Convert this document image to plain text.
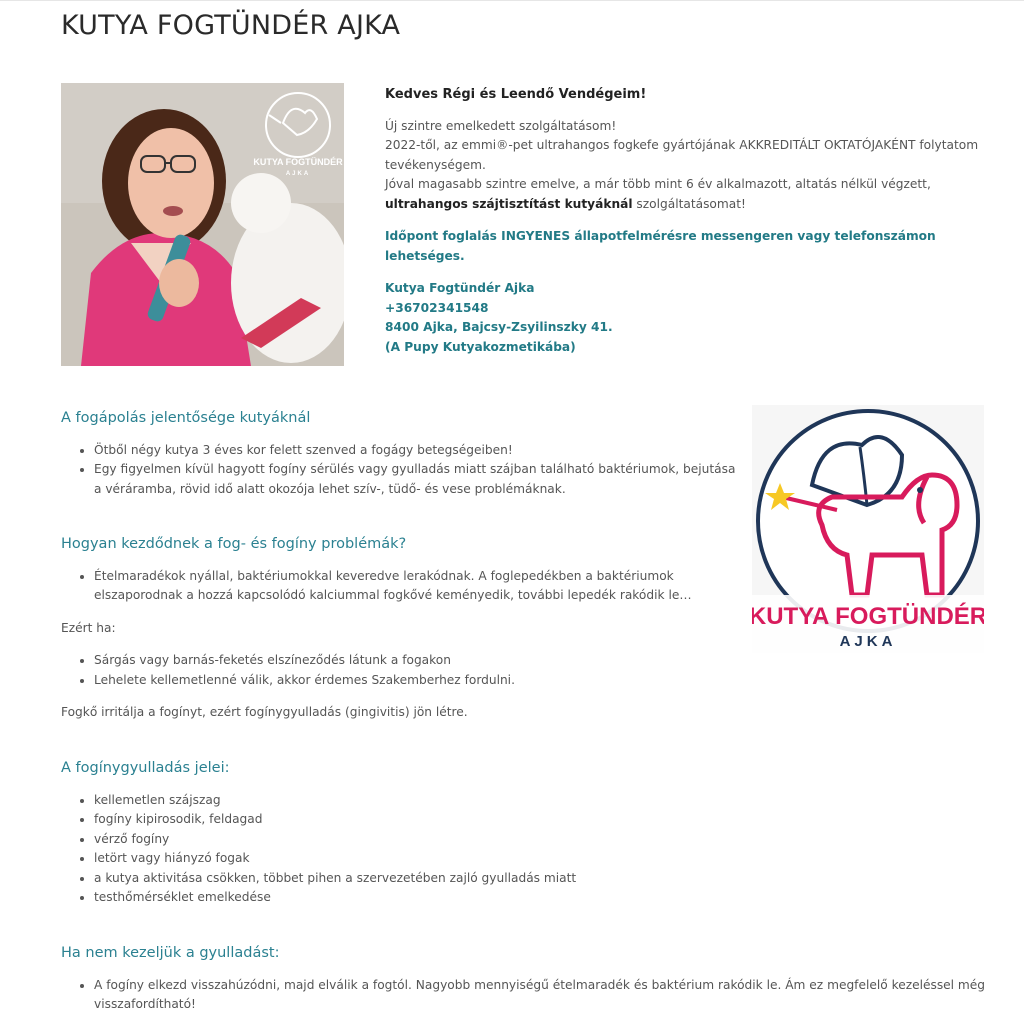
KUTYA FOGTÜNDÉR AJKA
KUTYA FOGTÜNDÉR
AJKA

Kedves Régi és Leendő Vendégeim!

Új szintre emelkedett szolgáltatásom!

2022-től, az emmi®-pet ultrahangos fogkefe gyártójának AKKREDITÁLT OKTATÓJAKÉNT folytatom tevékenységem.

Jóval magasabb szintre emelve, a már több mint 6 év alkalmazott, altatás nélkül végzett,

ultrahangos szájtisztítást kutyáknál szolgáltatásomat!

Időpont foglalás INGYENES állapotfelmérésre messengeren vagy telefonszámon lehetséges.

Kutya Fogtündér Ajka

+36702341548

8400 Ajka, Bajcsy-Zsyilinszky 41.

(A Pupy Kutyakozmetikába)

KUTYA FOGTÜNDÉR
AJKA
A fogápolás jelentősége kutyáknál
• Ötből négy kutya 3 éves kor felett szenved a fogágy betegségeiben!
• Egy figyelmen kívül hagyott fogíny sérülés vagy gyulladás miatt szájban található baktériumok, bejutása a véráramba, rövid idő alatt okozója lehet szív-, tüdő- és vese problémáknak.
Hogyan kezdődnek a fog- és fogíny problémák?
• Ételmaradékok nyállal, baktériumokkal keveredve lerakódnak. A foglepedékben a baktériumok elszaporodnak a hozzá kapcsolódó kalciummal fogkővé keményedik, további lepedék rakódik le…

Ezért ha:

• Sárgás vagy barnás-feketés elszíneződés látunk a fogakon
• Lehelete kellemetlenné válik, akkor érdemes Szakemberhez fordulni.

Fogkő irritálja a fogínyt, ezért fogínygyulladás (gingivitis) jön létre.

A fogínygyulladás jelei:
• kellemetlen szájszag
• fogíny kipirosodik, feldagad
• vérző fogíny
• letört vagy hiányzó fogak
• a kutya aktivitása csökken, többet pihen a szervezetében zajló gyulladás miatt
• testhőmérséklet emelkedése
Ha nem kezeljük a gyulladást:
• A fogíny elkezd visszahúzódni, majd elválik a fogtól. Nagyobb mennyiségű ételmaradék és baktérium rakódik le. Ám ez megfelelő kezeléssel még visszafordítható!
